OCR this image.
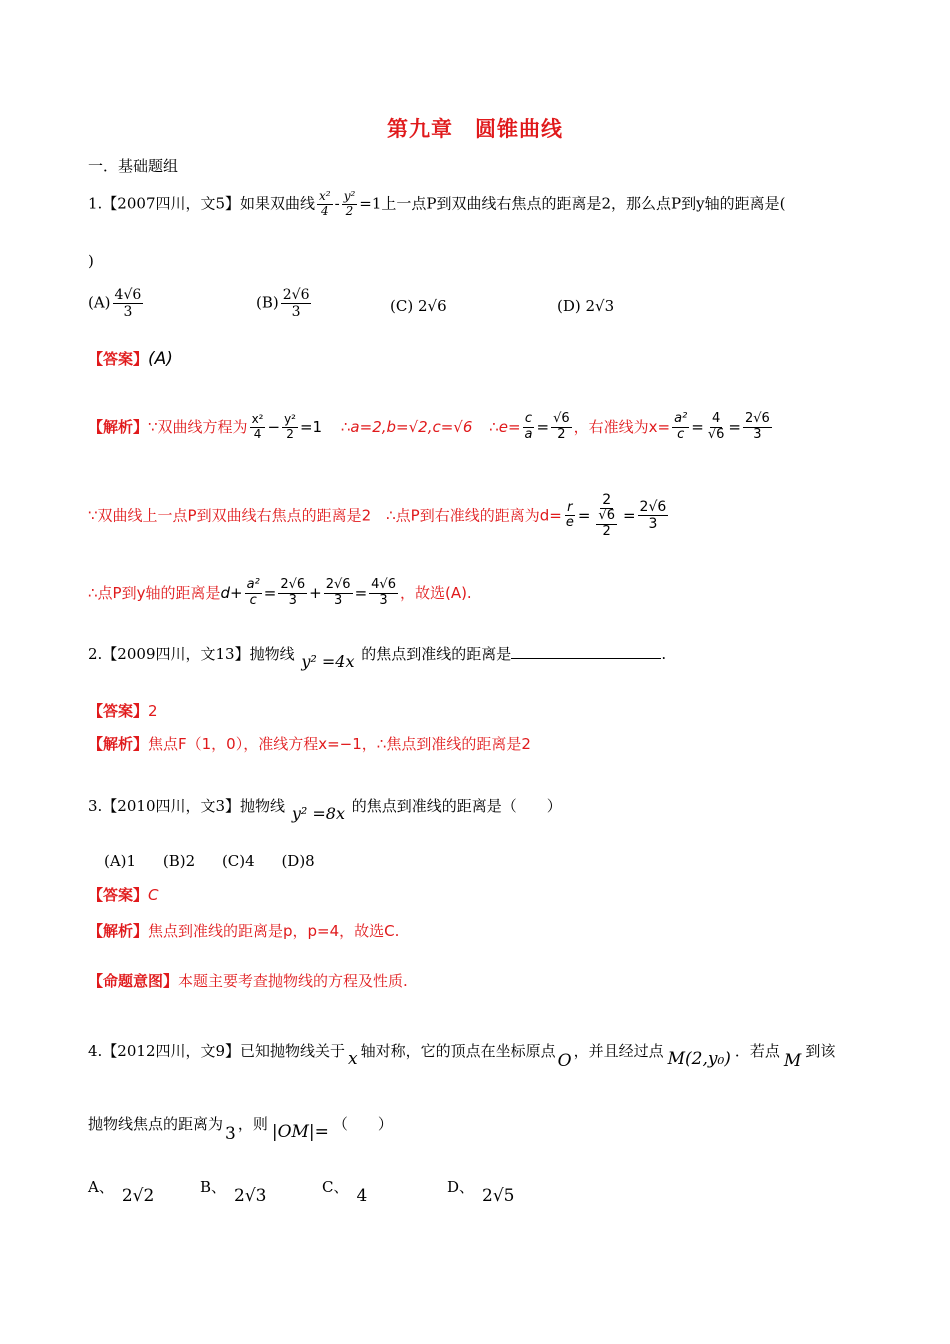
第九章　圆锥曲线
一．基础题组
1.【2007四川，文5】如果双曲线 $\frac{\text{x²}}{4} - \frac{\text{y²}}{2} =1$上一点P到双曲线右焦点的距离是2，那么点P到y轴的距离是(
)
$(A) \frac{4√6}{3}$	$(B) \frac{2√6}{3}$	(C) 2√6	(D) 2√3
【答案】(A)
【解析】∵双曲线方程为 $\frac{\text{x²}}{4} - \frac{\text{y²}}{2} =1$ ∴a=2,b=√2,c=√6 ∴e= $\frac{c}{a} = \frac{√6}{2}$ ，右准线为$x= \frac{\text{a²}}{c} = \frac{4}{√6} = \frac{2√6}{3}$
∵双曲线上一点P到双曲线右焦点的距离是2　∴点P到右准线的距离为$d= \frac{r}{e} = \frac{2}{\frac{√6}{2}} = \frac{2√6}{3}$
∴点P到y轴的距离是$d+ \frac{\text{a²}}{c} = \frac{2√6}{3} + \frac{2√6}{3} = \frac{4√6}{3}$ ，故选(A).
2.【2009四川，文13】抛物线 y² =4x 的焦点到准线的距离是	.
【答案】2
【解析】焦点F（1，0），准线方程x=−1，∴焦点到准线的距离是2
3.【2010四川，文3】抛物线 y² =8x 的焦点到准线的距离是（　　）
(A)1 (B)2 (C)4 (D)8
【答案】C
【解析】焦点到准线的距离是p，p=4，故选C.
【命题意图】本题主要考查抛物线的方程及性质.
4.【2012四川，文9】已知抛物线关于 x 轴对称，它的顶点在坐标原点 O ，并且经过点 M(2,y₀) ．若点 M 到该
抛物线焦点的距离为 3 ，则 |OM|= （　　）
A、 2√2	B、 2√3	C、 4	D、 2√5
